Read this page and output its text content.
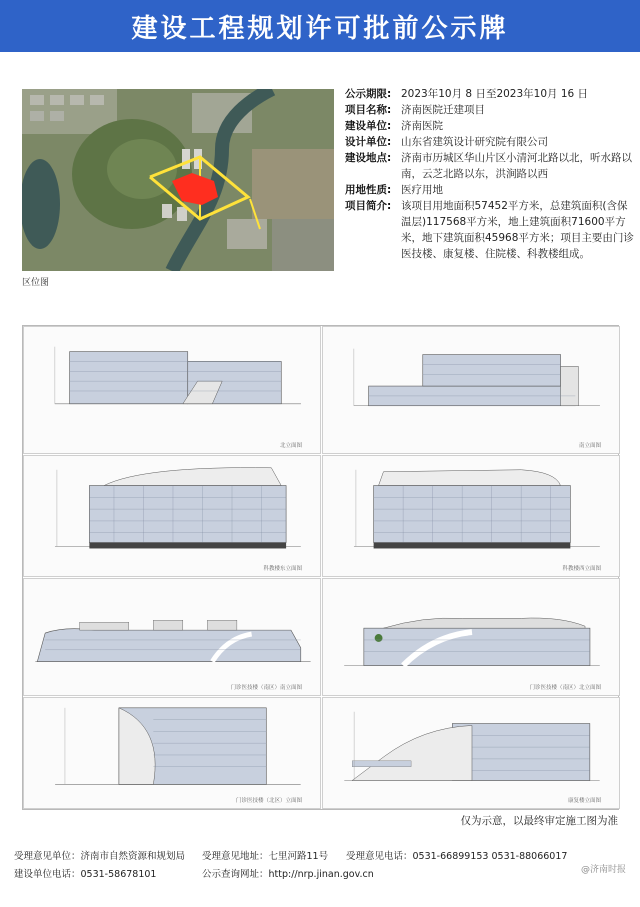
建设工程规划许可批前公示牌
区位图
公示期限: 2023年10月 8 日至2023年10月 16 日
项目名称: 济南医院迁建项目
建设单位: 济南医院
设计单位: 山东省建筑设计研究院有限公司
建设地点: 济南市历城区华山片区小清河北路以北，听水路以南，云芝北路以东，洪涧路以西
用地性质: 医疗用地
项目简介: 该项目用地面积57452平方米，总建筑面积(含保温层)117568平方米，地上建筑面积71600平方米，地下建筑面积45968平方米；项目主要由门诊医技楼、康复楼、住院楼、科教楼组成。
北立面图	南立面图
科教楼东立面图	科教楼西立面图
门诊医技楼（南区）南立面图	门诊医技楼（南区）北立面图
门诊医技楼（北区）立面图	康复楼立面图
仅为示意，以最终审定施工图为准
受理意见单位：济南市自然资源和规划局	受理意见地址：七里河路11号	受理意见电话：0531-66899153 0531-88066017
建设单位电话：0531-58678101	公示查询网址：http://nrp.jinan.gov.cn	@济南时报
